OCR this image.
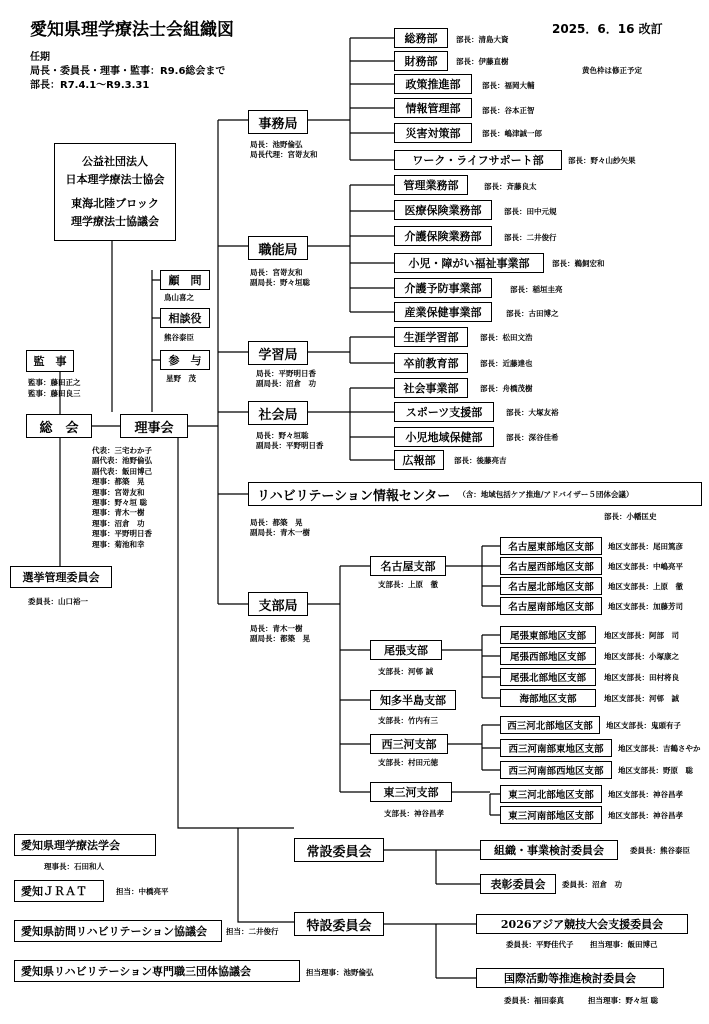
愛知県理学療法士会組織図	2025．6．16 改訂
任期
局長・委員長・理事・監事：R9.6総会まで
部長：R7.4.1～R9.3.31
黄色枠は修正予定
公益社団法人
日本理学療法士協会
東海北陸ブロック
理学療法士協議会
顧　問
鳥山喜之
相談役
熊谷泰臣
参　与
星野　茂
監　事
監事：藤田正之
監事：藤田良三
総　会	理事会
代表：三宅わか子
副代表：池野倫弘
副代表：飯田博己
理事：都築　晃
理事：宮嵜友和
理事：野々垣 聡
理事：青木一樹
理事：沼倉　功
理事：平野明日香
理事：菊池和幸
選挙管理委員会
委員長：山口裕一
事務局
局長：池野倫弘
局長代理：宮嵜友和
総務部	部長：清島大資
財務部	部長：伊藤直樹
政策推進部	部長：福岡大輔
情報管理部	部長：谷本正智
災害対策部	部長：嶋津誠一郎
ワーク・ライフサポート部	部長：野々山紗矢果
職能局
局長：宮嵜友和
副局長：野々垣聡
管理業務部	部長：斉藤良太
医療保険業務部	部長：田中元規
介護保険業務部	部長：二井俊行
小児・障がい福祉事業部	部長：鵜飼宏和
介護予防事業部	部長：稲垣圭亮
産業保健事業部	部長：古田博之
学習局
局長：平野明日香
副局長：沼倉　功
生涯学習部	部長：松田文浩
卒前教育部	部長：近藤達也
社会局
局長：野々垣聡
副局長：平野明日香
社会事業部	部長：舟橋茂樹
スポーツ支援部	部長：大塚友裕
小児地域保健部	部長：深谷佳希
広報部	部長：後藤亮吉
リハビリテーション情報センター （含：地域包括ケア推進/アドバイザー５団体会議）
部長：小幡匡史
局長：都築　晃
副局長：青木一樹
支部局
局長：青木一樹
副局長：都築　晃
名古屋支部
支部長：上原　徹
名古屋東部地区支部	地区支部長：尾田篤彦
名古屋西部地区支部	地区支部長：中嶋亮平
名古屋北部地区支部	地区支部長：上原　徹
名古屋南部地区支部	地区支部長：加藤芳司
尾張支部
支部長：河邨 誠
尾張東部地区支部	地区支部長：阿部　司
尾張西部地区支部	地区支部長：小塚康之
尾張北部地区支部	地区支部長：田村将良
海部地区支部	地区支部長：河邨　誠
知多半島支部
支部長：竹内有三
西三河支部
支部長：村田元徳
西三河北部地区支部	地区支部長：鬼頭有子
西三河南部東地区支部	地区支部長：吉鶴さやか
西三河南部西地区支部	地区支部長：野原　聡
東三河支部
支部長：神谷昌孝
東三河北部地区支部	地区支部長：神谷昌孝
東三河南部地区支部	地区支部長：神谷昌孝
常設委員会	組織・事業検討委員会	委員長：熊谷泰臣
表彰委員会	委員長：沼倉　功
特設委員会	2026アジア競技大会支援委員会
委員長：平野佳代子 担当理事：飯田博己
国際活動等推進検討委員会
委員長：福田泰真	担当理事：野々垣 聡
愛知県理学療法学会
理事長：石田和人
愛知ＪＲＡＴ	担当：中橋亮平
愛知県訪問リハビリテーション協議会	担当：二井俊行
愛知県リハビリテーション専門職三団体協議会	担当理事：池野倫弘
